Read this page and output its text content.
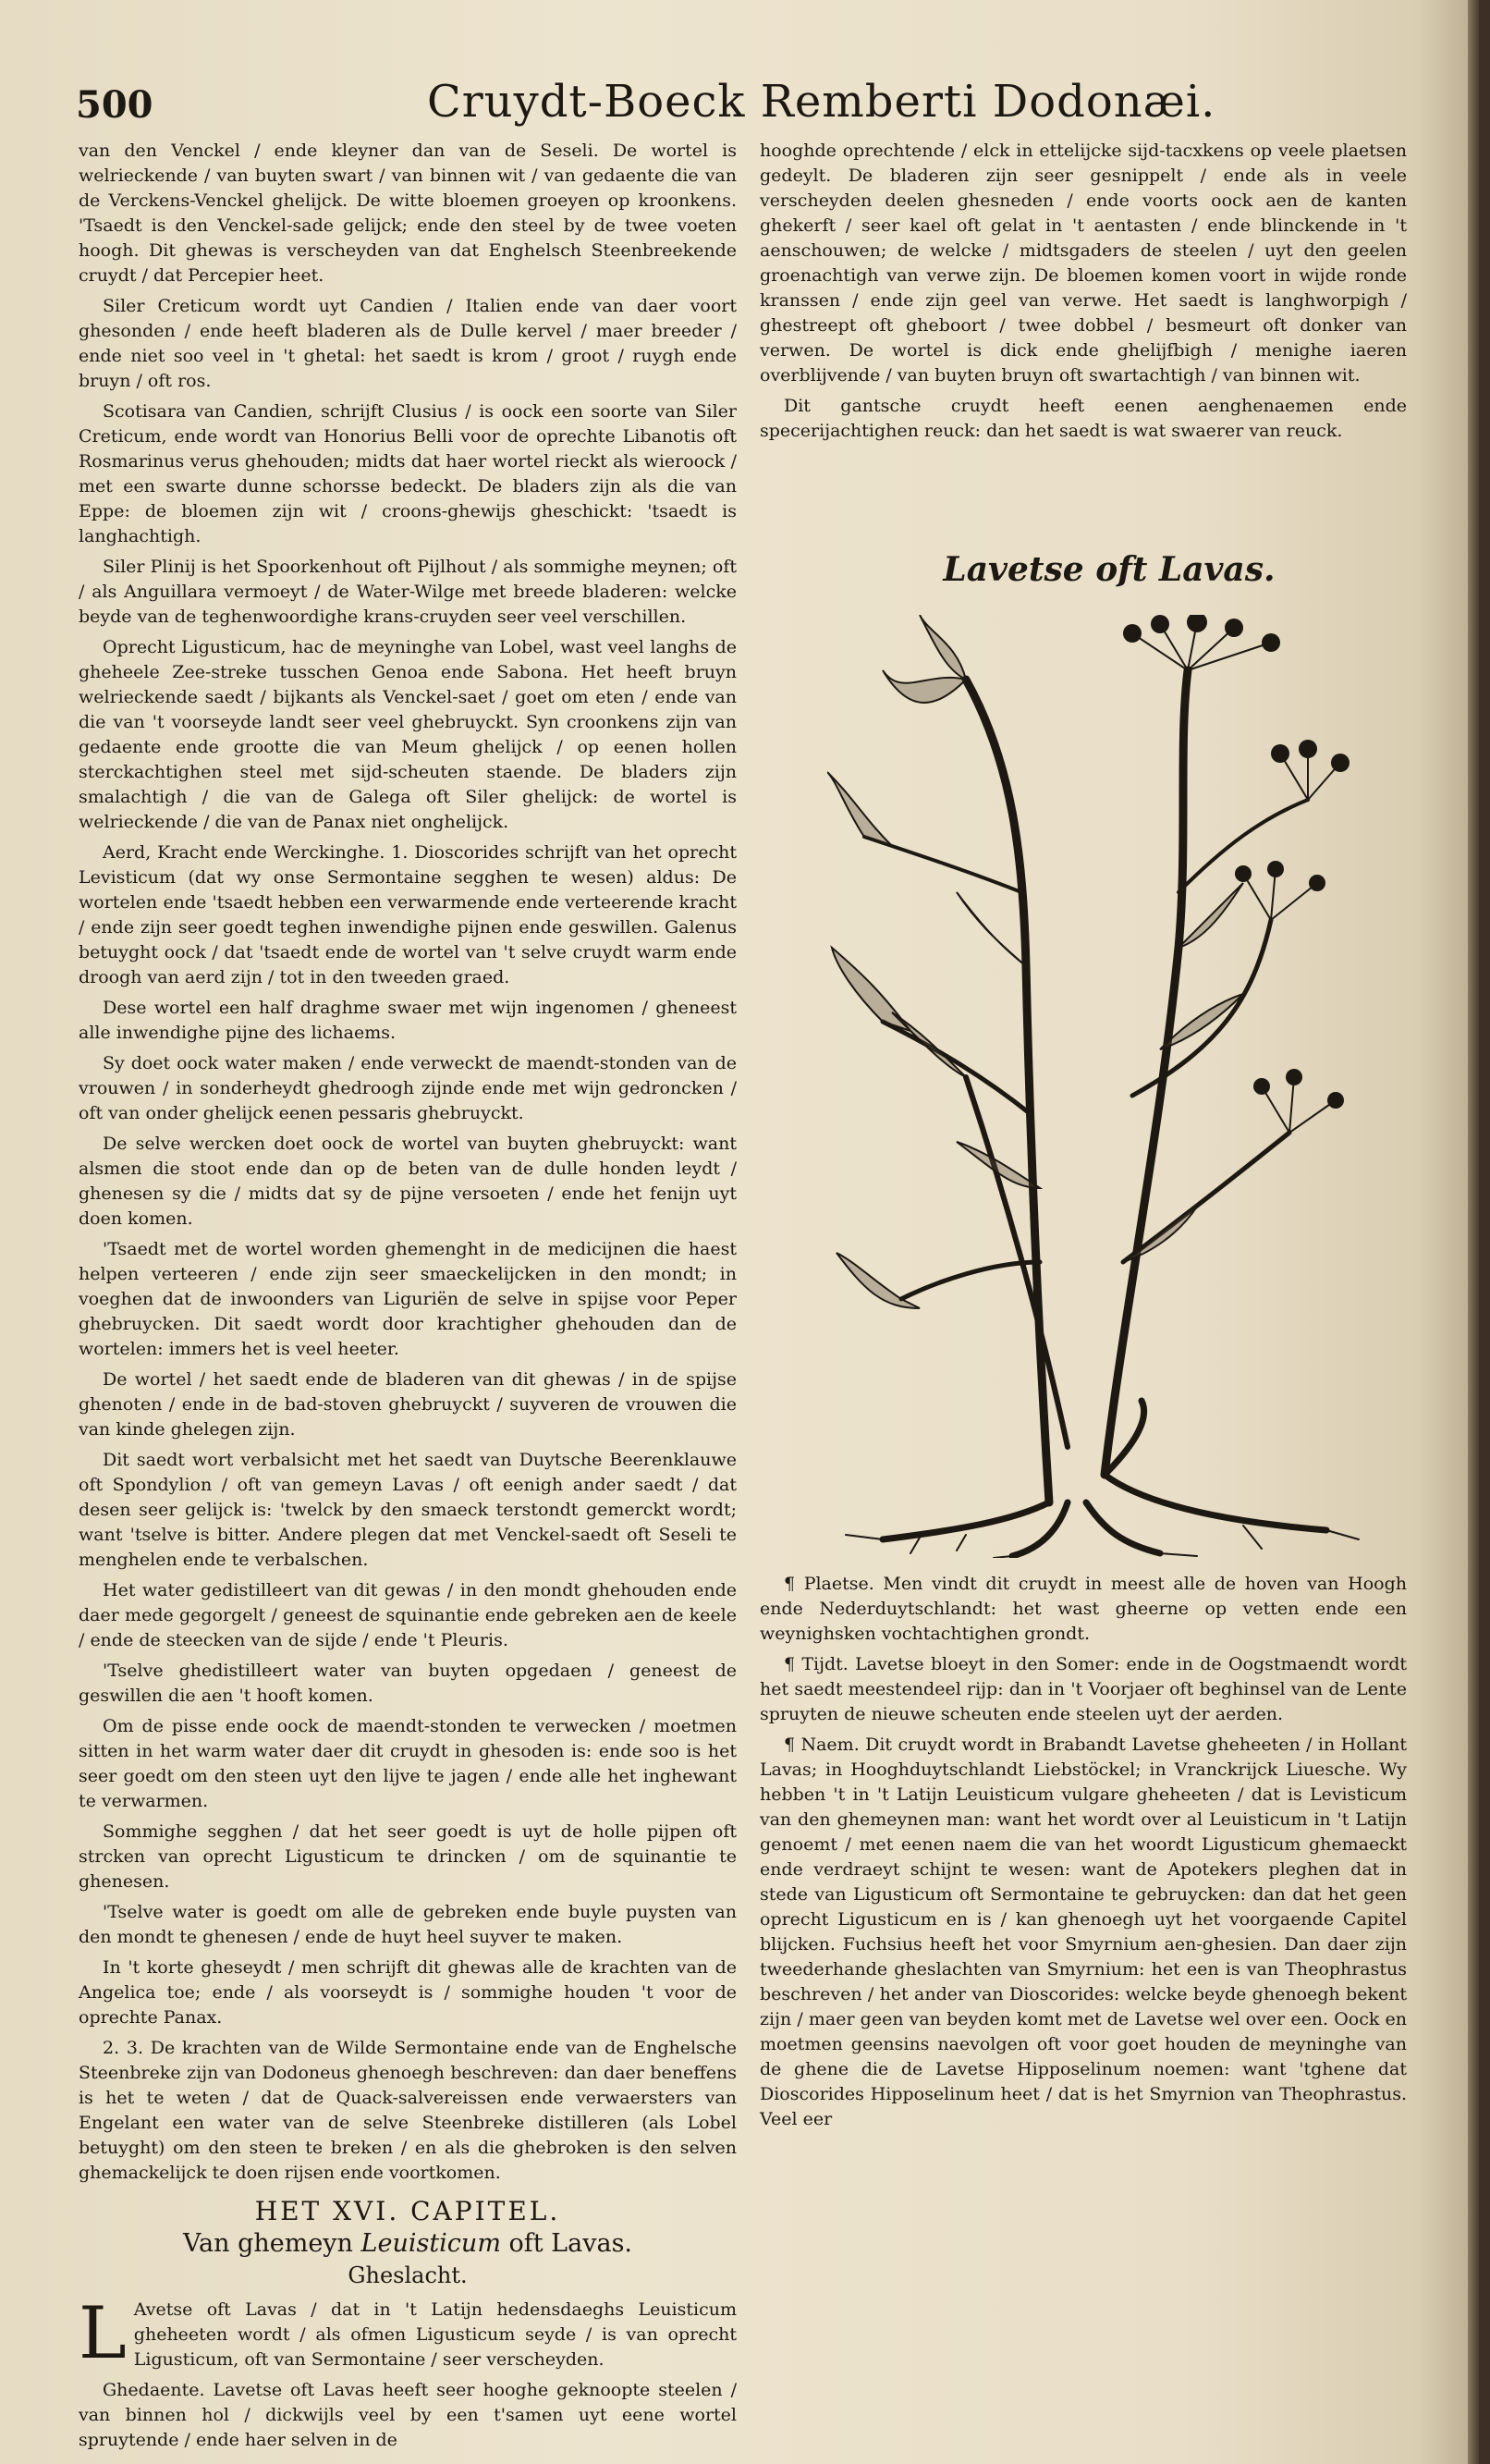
500	Cruydt-Boeck Remberti Dodonæi.

van den Venckel / ende kleyner dan van de Seseli. De wortel is welrieckende / van buyten swart / van binnen wit / van gedaente die van de Verckens-Venckel ghelijck. De witte bloemen groeyen op kroonkens. 'Tsaedt is den Venckel-sade gelijck; ende den steel by de twee voeten hoogh. Dit ghewas is verscheyden van dat Enghelsch Steenbreekende cruydt / dat Percepier heet.

Siler Creticum wordt uyt Candien / Italien ende van daer voort ghesonden / ende heeft bladeren als de Dulle kervel / maer breeder / ende niet soo veel in 't ghetal: het saedt is krom / groot / ruygh ende bruyn / oft ros.

Scotisara van Candien, schrijft Clusius / is oock een soorte van Siler Creticum, ende wordt van Honorius Belli voor de oprechte Libanotis oft Rosmarinus verus ghehouden; midts dat haer wortel rieckt als wieroock / met een swarte dunne schorsse bedeckt. De bladers zijn als die van Eppe: de bloemen zijn wit / croons-ghewijs gheschickt: 'tsaedt is langhachtigh.

Siler Plinij is het Spoorkenhout oft Pijlhout / als sommighe meynen; oft / als Anguillara vermoeyt / de Water-Wilge met breede bladeren: welcke beyde van de teghenwoordighe krans-cruyden seer veel verschillen.

Oprecht Ligusticum, hac de meyninghe van Lobel, wast veel langhs de gheheele Zee-streke tusschen Genoa ende Sabona. Het heeft bruyn welrieckende saedt / bijkants als Venckel-saet / goet om eten / ende van die van 't voorseyde landt seer veel ghebruyckt. Syn croonkens zijn van gedaente ende grootte die van Meum ghelijck / op eenen hollen sterckachtighen steel met sijd-scheuten staende. De bladers zijn smalachtigh / die van de Galega oft Siler ghelijck: de wortel is welrieckende / die van de Panax niet onghelijck.

Aerd, Kracht ende Werckinghe. 1. Dioscorides schrijft van het oprecht Levisticum (dat wy onse Sermontaine segghen te wesen) aldus: De wortelen ende 'tsaedt hebben een verwarmende ende verteerende kracht / ende zijn seer goedt teghen inwendighe pijnen ende geswillen. Galenus betuyght oock / dat 'tsaedt ende de wortel van 't selve cruydt warm ende droogh van aerd zijn / tot in den tweeden graed.

Dese wortel een half draghme swaer met wijn ingenomen / gheneest alle inwendighe pijne des lichaems.

Sy doet oock water maken / ende verweckt de maendt-stonden van de vrouwen / in sonderheydt ghedroogh zijnde ende met wijn gedroncken / oft van onder ghelijck eenen pessaris ghebruyckt.

De selve wercken doet oock de wortel van buyten ghebruyckt: want alsmen die stoot ende dan op de beten van de dulle honden leydt / ghenesen sy die / midts dat sy de pijne versoeten / ende het fenijn uyt doen komen.

'Tsaedt met de wortel worden ghemenght in de medicijnen die haest helpen verteeren / ende zijn seer smaeckelijcken in den mondt; in voeghen dat de inwoonders van Liguriën de selve in spijse voor Peper ghebruycken. Dit saedt wordt door krachtigher ghehouden dan de wortelen: immers het is veel heeter.

De wortel / het saedt ende de bladeren van dit ghewas / in de spijse ghenoten / ende in de bad-stoven ghebruyckt / suyveren de vrouwen die van kinde ghelegen zijn.

Dit saedt wort verbalsicht met het saedt van Duytsche Beerenklauwe oft Spondylion / oft van gemeyn Lavas / oft eenigh ander saedt / dat desen seer gelijck is: 'twelck by den smaeck terstondt gemerckt wordt; want 'tselve is bitter. Andere plegen dat met Venckel-saedt oft Seseli te menghelen ende te verbalschen.

Het water gedistilleert van dit gewas / in den mondt ghehouden ende daer mede gegorgelt / geneest de squinantie ende gebreken aen de keele / ende de steecken van de sijde / ende 't Pleuris.

'Tselve ghedistilleert water van buyten opgedaen / geneest de geswillen die aen 't hooft komen.

Om de pisse ende oock de maendt-stonden te verwecken / moetmen sitten in het warm water daer dit cruydt in ghesoden is: ende soo is het seer goedt om den steen uyt den lijve te jagen / ende alle het inghewant te verwarmen.

Sommighe segghen / dat het seer goedt is uyt de holle pijpen oft strcken van oprecht Ligusticum te drincken / om de squinantie te ghenesen.

'Tselve water is goedt om alle de gebreken ende buyle puysten van den mondt te ghenesen / ende de huyt heel suyver te maken.

In 't korte gheseydt / men schrijft dit ghewas alle de krachten van de Angelica toe; ende / als voorseydt is / sommighe houden 't voor de oprechte Panax.

2. 3. De krachten van de Wilde Sermontaine ende van de Enghelsche Steenbreke zijn van Dodoneus ghenoegh beschreven: dan daer beneffens is het te weten / dat de Quack-salvereissen ende verwaersters van Engelant een water van de selve Steenbreke distilleren (als Lobel betuyght) om den steen te breken / en als die ghebroken is den selven ghemackelijck te doen rijsen ende voortkomen.

HET XVI. CAPITEL.
Van ghemeyn Leuisticum oft Lavas.
Gheslacht.

L Avetse oft Lavas / dat in 't Latijn hedensdaeghs Leuisticum gheheeten wordt / als ofmen Ligusticum seyde / is van oprecht Ligusticum, oft van Sermontaine / seer verscheyden.

Ghedaente. Lavetse oft Lavas heeft seer hooghe geknoopte steelen / van binnen hol / dickwijls veel by een t'samen uyt eene wortel spruytende / ende haer selven in de

hooghde oprechtende / elck in ettelijcke sijd-tacxkens op veele plaetsen gedeylt. De bladeren zijn seer gesnippelt / ende als in veele verscheyden deelen ghesneden / ende voorts oock aen de kanten ghekerft / seer kael oft gelat in 't aentasten / ende blinckende in 't aenschouwen; de welcke / midtsgaders de steelen / uyt den geelen groenachtigh van verwe zijn. De bloemen komen voort in wijde ronde kranssen / ende zijn geel van verwe. Het saedt is langhworpigh / ghestreept oft gheboort / twee dobbel / besmeurt oft donker van verwen. De wortel is dick ende ghelijfbigh / menighe iaeren overblijvende / van buyten bruyn oft swartachtigh / van binnen wit.

Dit gantsche cruydt heeft eenen aenghenaemen ende specerijachtighen reuck: dan het saedt is wat swaerer van reuck.

Lavetse oft Lavas.

¶ Plaetse. Men vindt dit cruydt in meest alle de hoven van Hoogh ende Nederduytschlandt: het wast gheerne op vetten ende een weynighsken vochtachtighen grondt.

¶ Tijdt. Lavetse bloeyt in den Somer: ende in de Oogstmaendt wordt het saedt meestendeel rijp: dan in 't Voorjaer oft beghinsel van de Lente spruyten de nieuwe scheuten ende steelen uyt der aerden.

¶ Naem. Dit cruydt wordt in Brabandt Lavetse gheheeten / in Hollant Lavas; in Hooghduytschlandt Liebstöckel; in Vranckrijck Liuesche. Wy hebben 't in 't Latijn Leuisticum vulgare gheheeten / dat is Levisticum van den ghemeynen man: want het wordt over al Leuisticum in 't Latijn genoemt / met eenen naem die van het woordt Ligusticum ghemaeckt ende verdraeyt schijnt te wesen: want de Apotekers pleghen dat in stede van Ligusticum oft Sermontaine te gebruycken: dan dat het geen oprecht Ligusticum en is / kan ghenoegh uyt het voorgaende Capitel blijcken. Fuchsius heeft het voor Smyrnium aen-ghesien. Dan daer zijn tweederhande gheslachten van Smyrnium: het een is van Theophrastus beschreven / het ander van Dioscorides: welcke beyde ghenoegh bekent zijn / maer geen van beyden komt met de Lavetse wel over een. Oock en moetmen geensins naevolgen oft voor goet houden de meyninghe van de ghene die de Lavetse Hipposelinum noemen: want 'tghene dat Dioscorides Hipposelinum heet / dat is het Smyrnion van Theophrastus. Veel eer
